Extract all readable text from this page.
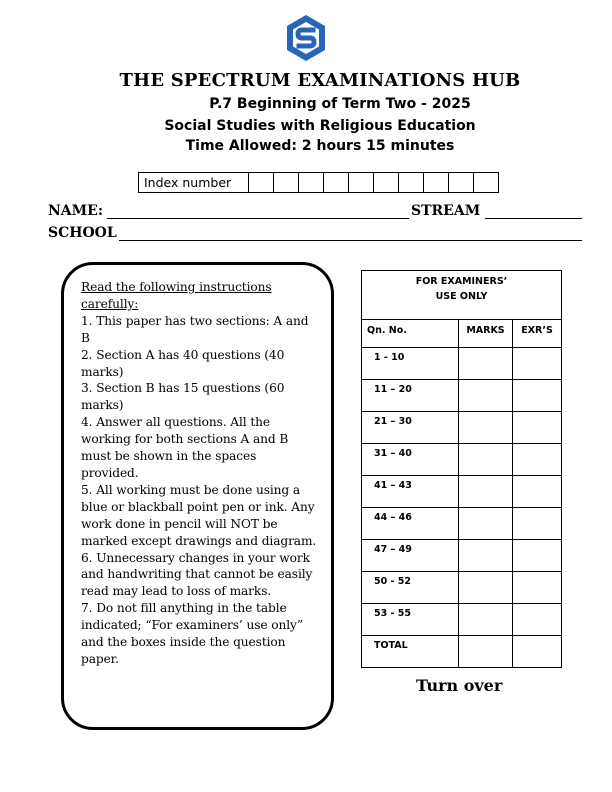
THE SPECTRUM EXAMINATIONS HUB
P.7 Beginning of Term Two - 2025
Social Studies with Religious Education
Time Allowed: 2 hours 15 minutes
Index number										
NAME:	STREAM
SCHOOL

Read the following instructions carefully:

1. This paper has two sections: A and B

2. Section A has 40 questions (40 marks)

3. Section B has 15 questions (60 marks)

4. Answer all questions. All the working for both sections A and B must be shown in the spaces provided.

5. All working must be done using a blue or blackball point pen or ink. Any work done in pencil will NOT be marked except drawings and diagram.

6. Unnecessary changes in your work and handwriting that cannot be easily read may lead to loss of marks.

7. Do not fill anything in the table indicated; “For examiners’ use only” and the boxes inside the question paper.

FOR EXAMINERS’
USE ONLY		
Qn. No.	MARKS	EXR’S
1 - 10		
11 – 20		
21 – 30		
31 – 40		
41 – 43		
44 – 46		
47 – 49		
50 - 52		
53 - 55		
TOTAL		
Turn over
